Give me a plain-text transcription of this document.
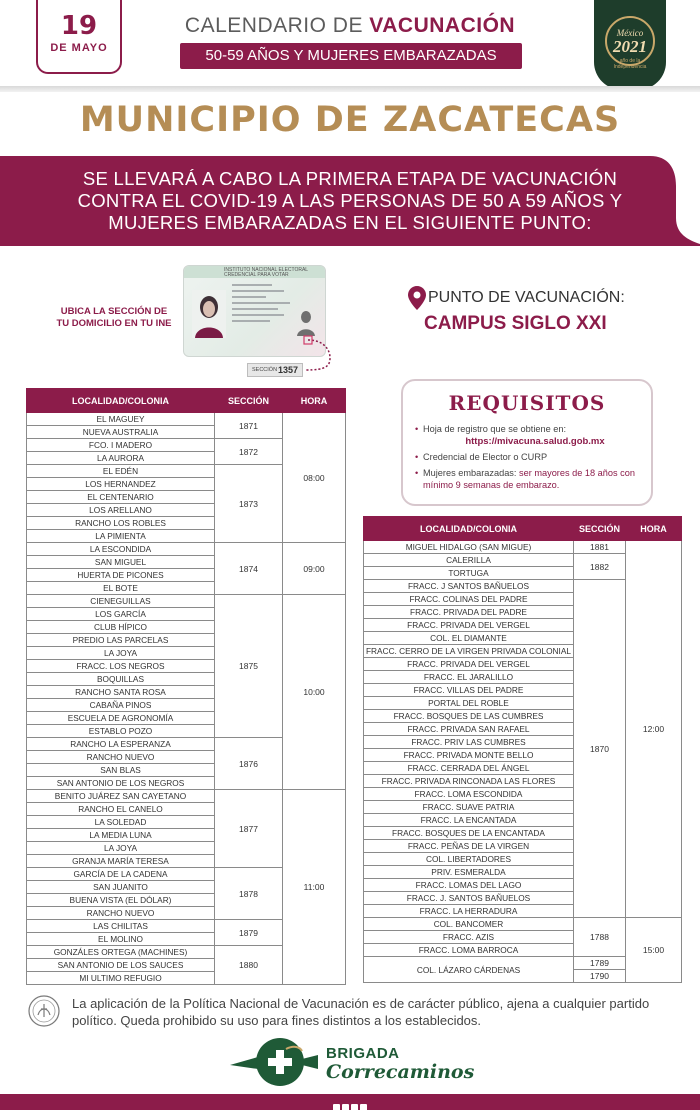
19
DE MAYO
CALENDARIO DE VACUNACIÓN
50-59 AÑOS Y MUJERES EMBARAZADAS
México
2021
año de la Independencia
MUNICIPIO DE ZACATECAS
SE LLEVARÁ A CABO LA PRIMERA ETAPA DE VACUNACIÓN
CONTRA EL COVID-19 A LAS PERSONAS DE 50 A 59 AÑOS Y
MUJERES EMBARAZADAS EN EL SIGUIENTE PUNTO:
UBICA LA SECCIÓN DE
TU DOMICILIO EN TU INE
INSTITUTO NACIONAL ELECTORAL
CREDENCIAL PARA VOTAR
SECCIÓN 1357
PUNTO DE VACUNACIÓN:
CAMPUS SIGLO XXI
REQUISITOS
• Hoja de registro que se obtiene en:
https://mivacuna.salud.gob.mx
• Credencial de Elector o CURP
• Mujeres embarazadas: ser mayores de 18 años con mínimo 9 semanas de embarazo.
LOCALIDAD/COLONIA	SECCIÓN	HORA
EL MAGUEY	1871	08:00
NUEVA AUSTRALIA		
FCO. I MADERO	1872	
LA AURORA		
EL EDÉN	1873	
LOS HERNANDEZ		
EL CENTENARIO		
LOS ARELLANO		
RANCHO LOS ROBLES		
LA PIMIENTA		
LA ESCONDIDA	1874	09:00
SAN MIGUEL		
HUERTA DE PICONES		
EL BOTE		
CIENEGUILLAS	1875	10:00
LOS GARCÍA		
CLUB HÍPICO		
PREDIO LAS PARCELAS		
LA JOYA		
FRACC. LOS NEGROS		
BOQUILLAS		
RANCHO SANTA ROSA		
CABAÑA PINOS		
ESCUELA DE AGRONOMÍA		
ESTABLO POZO		
RANCHO LA ESPERANZA	1876	
RANCHO NUEVO		
SAN BLAS		
SAN ANTONIO DE LOS NEGROS		
BENITO JUÁREZ SAN CAYETANO	1877	11:00
RANCHO EL CANELO		
LA SOLEDAD		
LA MEDIA LUNA		
LA JOYA		
GRANJA MARÍA TERESA		
GARCÍA DE LA CADENA	1878	
SAN JUANITO		
BUENA VISTA (EL DÓLAR)		
RANCHO NUEVO		
LAS CHILITAS	1879	
EL MOLINO		
GONZÁLES ORTEGA (MACHINES)	1880	
SAN ANTONIO DE LOS SAUCES		
MI ULTIMO REFUGIO		
LOCALIDAD/COLONIA	SECCIÓN	HORA
MIGUEL HIDALGO (SAN MIGUE)	1881	12:00
CALERILLA	1882	
TORTUGA		
FRACC. J SANTOS BAÑUELOS	1870	
FRACC. COLINAS DEL PADRE		
FRACC. PRIVADA DEL PADRE		
FRACC. PRIVADA DEL VERGEL		
COL. EL DIAMANTE		
FRACC. CERRO DE LA VIRGEN PRIVADA COLONIAL		
FRACC. PRIVADA DEL VERGEL		
FRACC. EL JARALILLO		
FRACC. VILLAS DEL PADRE		
PORTAL DEL ROBLE		
FRACC. BOSQUES DE LAS CUMBRES		
FRACC. PRIVADA SAN RAFAEL		
FRACC. PRIV LAS CUMBRES		
FRACC. PRIVADA MONTE BELLO		
FRACC. CERRADA DEL ÁNGEL		
FRACC. PRIVADA RINCONADA LAS FLORES		
FRACC. LOMA ESCONDIDA		
FRACC. SUAVE PATRIA		
FRACC. LA ENCANTADA		
FRACC. BOSQUES DE LA ENCANTADA		
FRACC. PEÑAS DE LA VIRGEN		
COL. LIBERTADORES		
PRIV. ESMERALDA		
FRACC. LOMAS DEL LAGO		
FRACC. J. SANTOS BAÑUELOS		
FRACC. LA HERRADURA		
COL. BANCOMER	1788	15:00
FRACC. AZIS		
FRACC. LOMA BARROCA		
COL. LÁZARO CÁRDENAS	1789	
	1790	
La aplicación de la Política Nacional de Vacunación es de carácter público, ajena a cualquier partido político. Queda prohibido su uso para fines distintos a los establecidos.
BRIGADA
Correcaminos
